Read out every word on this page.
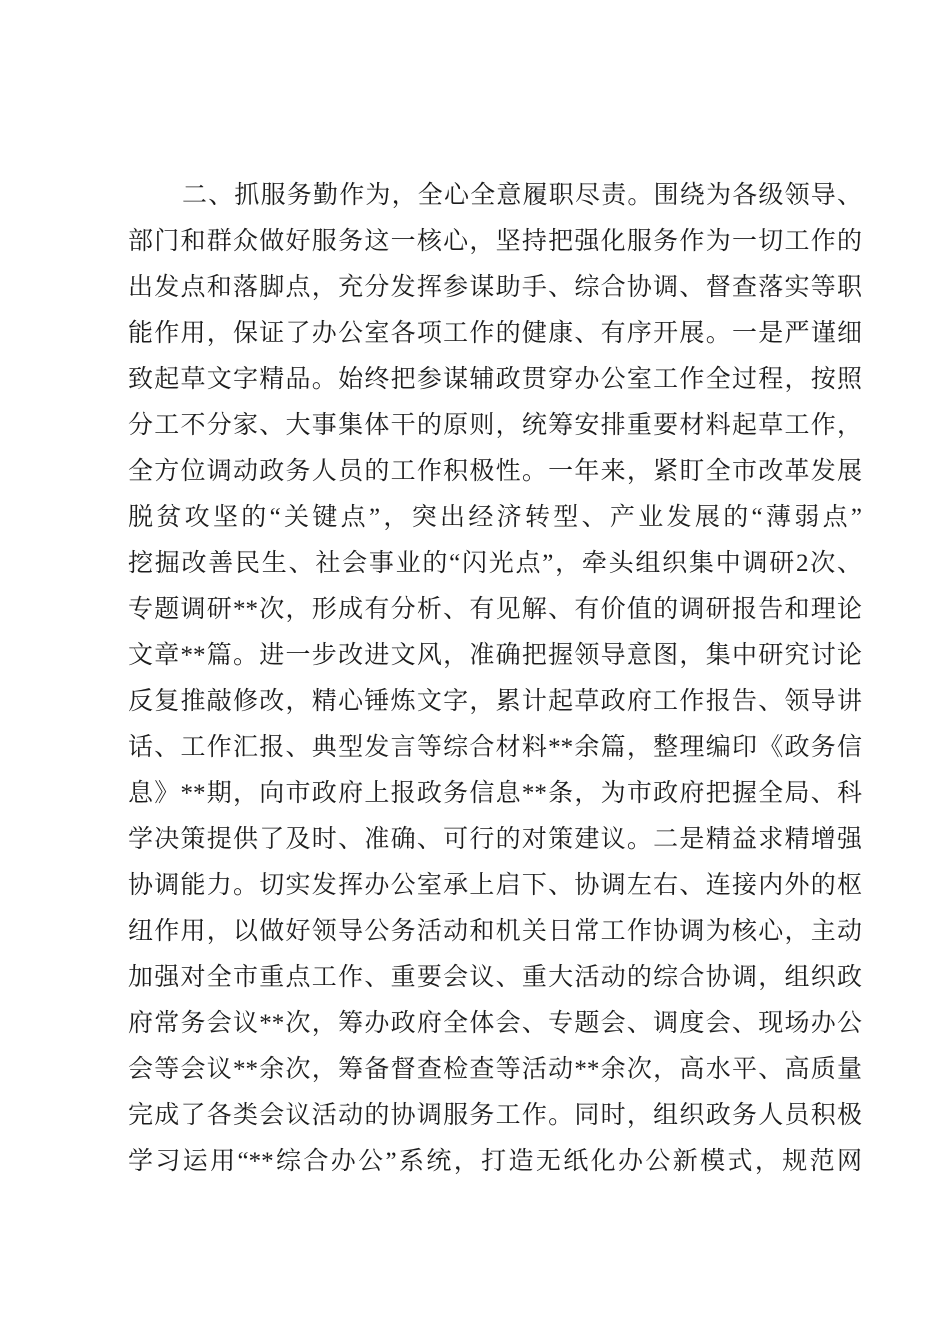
二、抓服务勤作为，全心全意履职尽责。围绕为各级领导、
部门和群众做好服务这一核心，坚持把强化服务作为一切工作的
出发点和落脚点，充分发挥参谋助手、综合协调、督查落实等职
能作用，保证了办公室各项工作的健康、有序开展。一是严谨细
致起草文字精品。始终把参谋辅政贯穿办公室工作全过程，按照
分工不分家、大事集体干的原则，统筹安排重要材料起草工作，
全方位调动政务人员的工作积极性。一年来，紧盯全市改革发展
脱贫攻坚的“关键点”，突出经济转型、产业发展的“薄弱点”
挖掘改善民生、社会事业的“闪光点”，牵头组织集中调研2次、
专题调研**次，形成有分析、有见解、有价值的调研报告和理论
文章**篇。进一步改进文风，准确把握领导意图，集中研究讨论
反复推敲修改，精心锤炼文字，累计起草政府工作报告、领导讲
话、工作汇报、典型发言等综合材料**余篇，整理编印《政务信
息》**期，向市政府上报政务信息**条，为市政府把握全局、科
学决策提供了及时、准确、可行的对策建议。二是精益求精增强
协调能力。切实发挥办公室承上启下、协调左右、连接内外的枢
纽作用，以做好领导公务活动和机关日常工作协调为核心，主动
加强对全市重点工作、重要会议、重大活动的综合协调，组织政
府常务会议**次，筹办政府全体会、专题会、调度会、现场办公
会等会议**余次，筹备督查检查等活动**余次，高水平、高质量
完成了各类会议活动的协调服务工作。同时，组织政务人员积极
学习运用“**综合办公”系统，打造无纸化办公新模式，规范网
